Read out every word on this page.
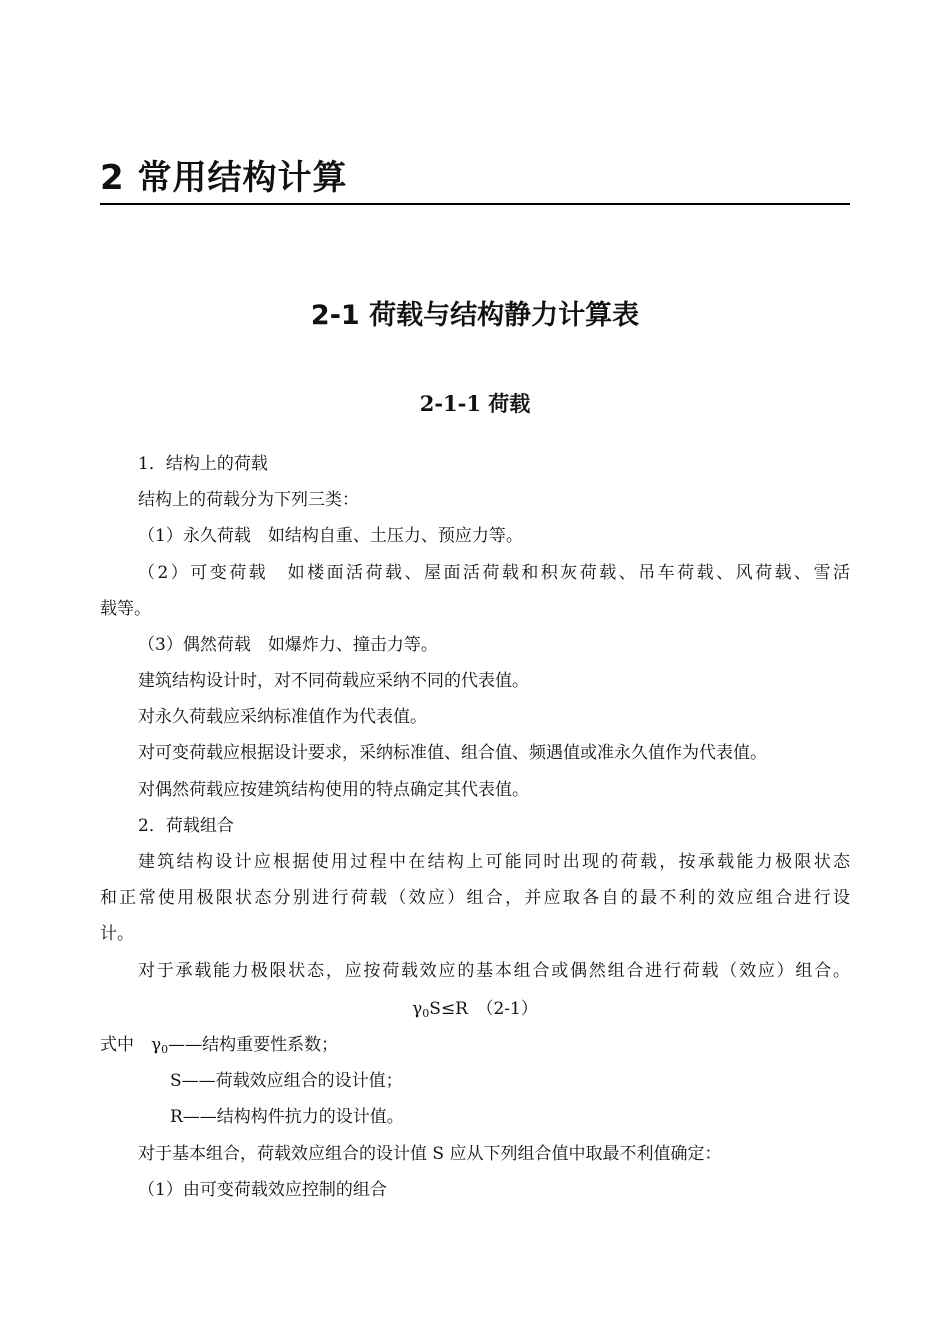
2 常用结构计算
2-1 荷载与结构静力计算表
2-1-1 荷载
1．结构上的荷载
结构上的荷载分为下列三类：
（1）永久荷载　如结构自重、土压力、预应力等。
（2）可变荷载　如楼面活荷载、屋面活荷载和积灰荷载、吊车荷载、风荷载、雪活
载等。
（3）偶然荷载　如爆炸力、撞击力等。
建筑结构设计时，对不同荷载应采纳不同的代表值。
对永久荷载应采纳标准值作为代表值。
对可变荷载应根据设计要求，采纳标准值、组合值、频遇值或准永久值作为代表值。
对偶然荷载应按建筑结构使用的特点确定其代表值。
2．荷载组合
建筑结构设计应根据使用过程中在结构上可能同时出现的荷载，按承载能力极限状态
和正常使用极限状态分别进行荷载（效应）组合，并应取各自的最不利的效应组合进行设
计。
对于承载能力极限状态，应按荷载效应的基本组合或偶然组合进行荷载（效应）组合。
$\gamma_0S\le R$　（2-1）
式中　$\gamma_0——$结构重要性系数；
S——荷载效应组合的设计值；
R——结构构件抗力的设计值。
对于基本组合，荷载效应组合的设计值 S 应从下列组合值中取最不利值确定：
（1）由可变荷载效应控制的组合
